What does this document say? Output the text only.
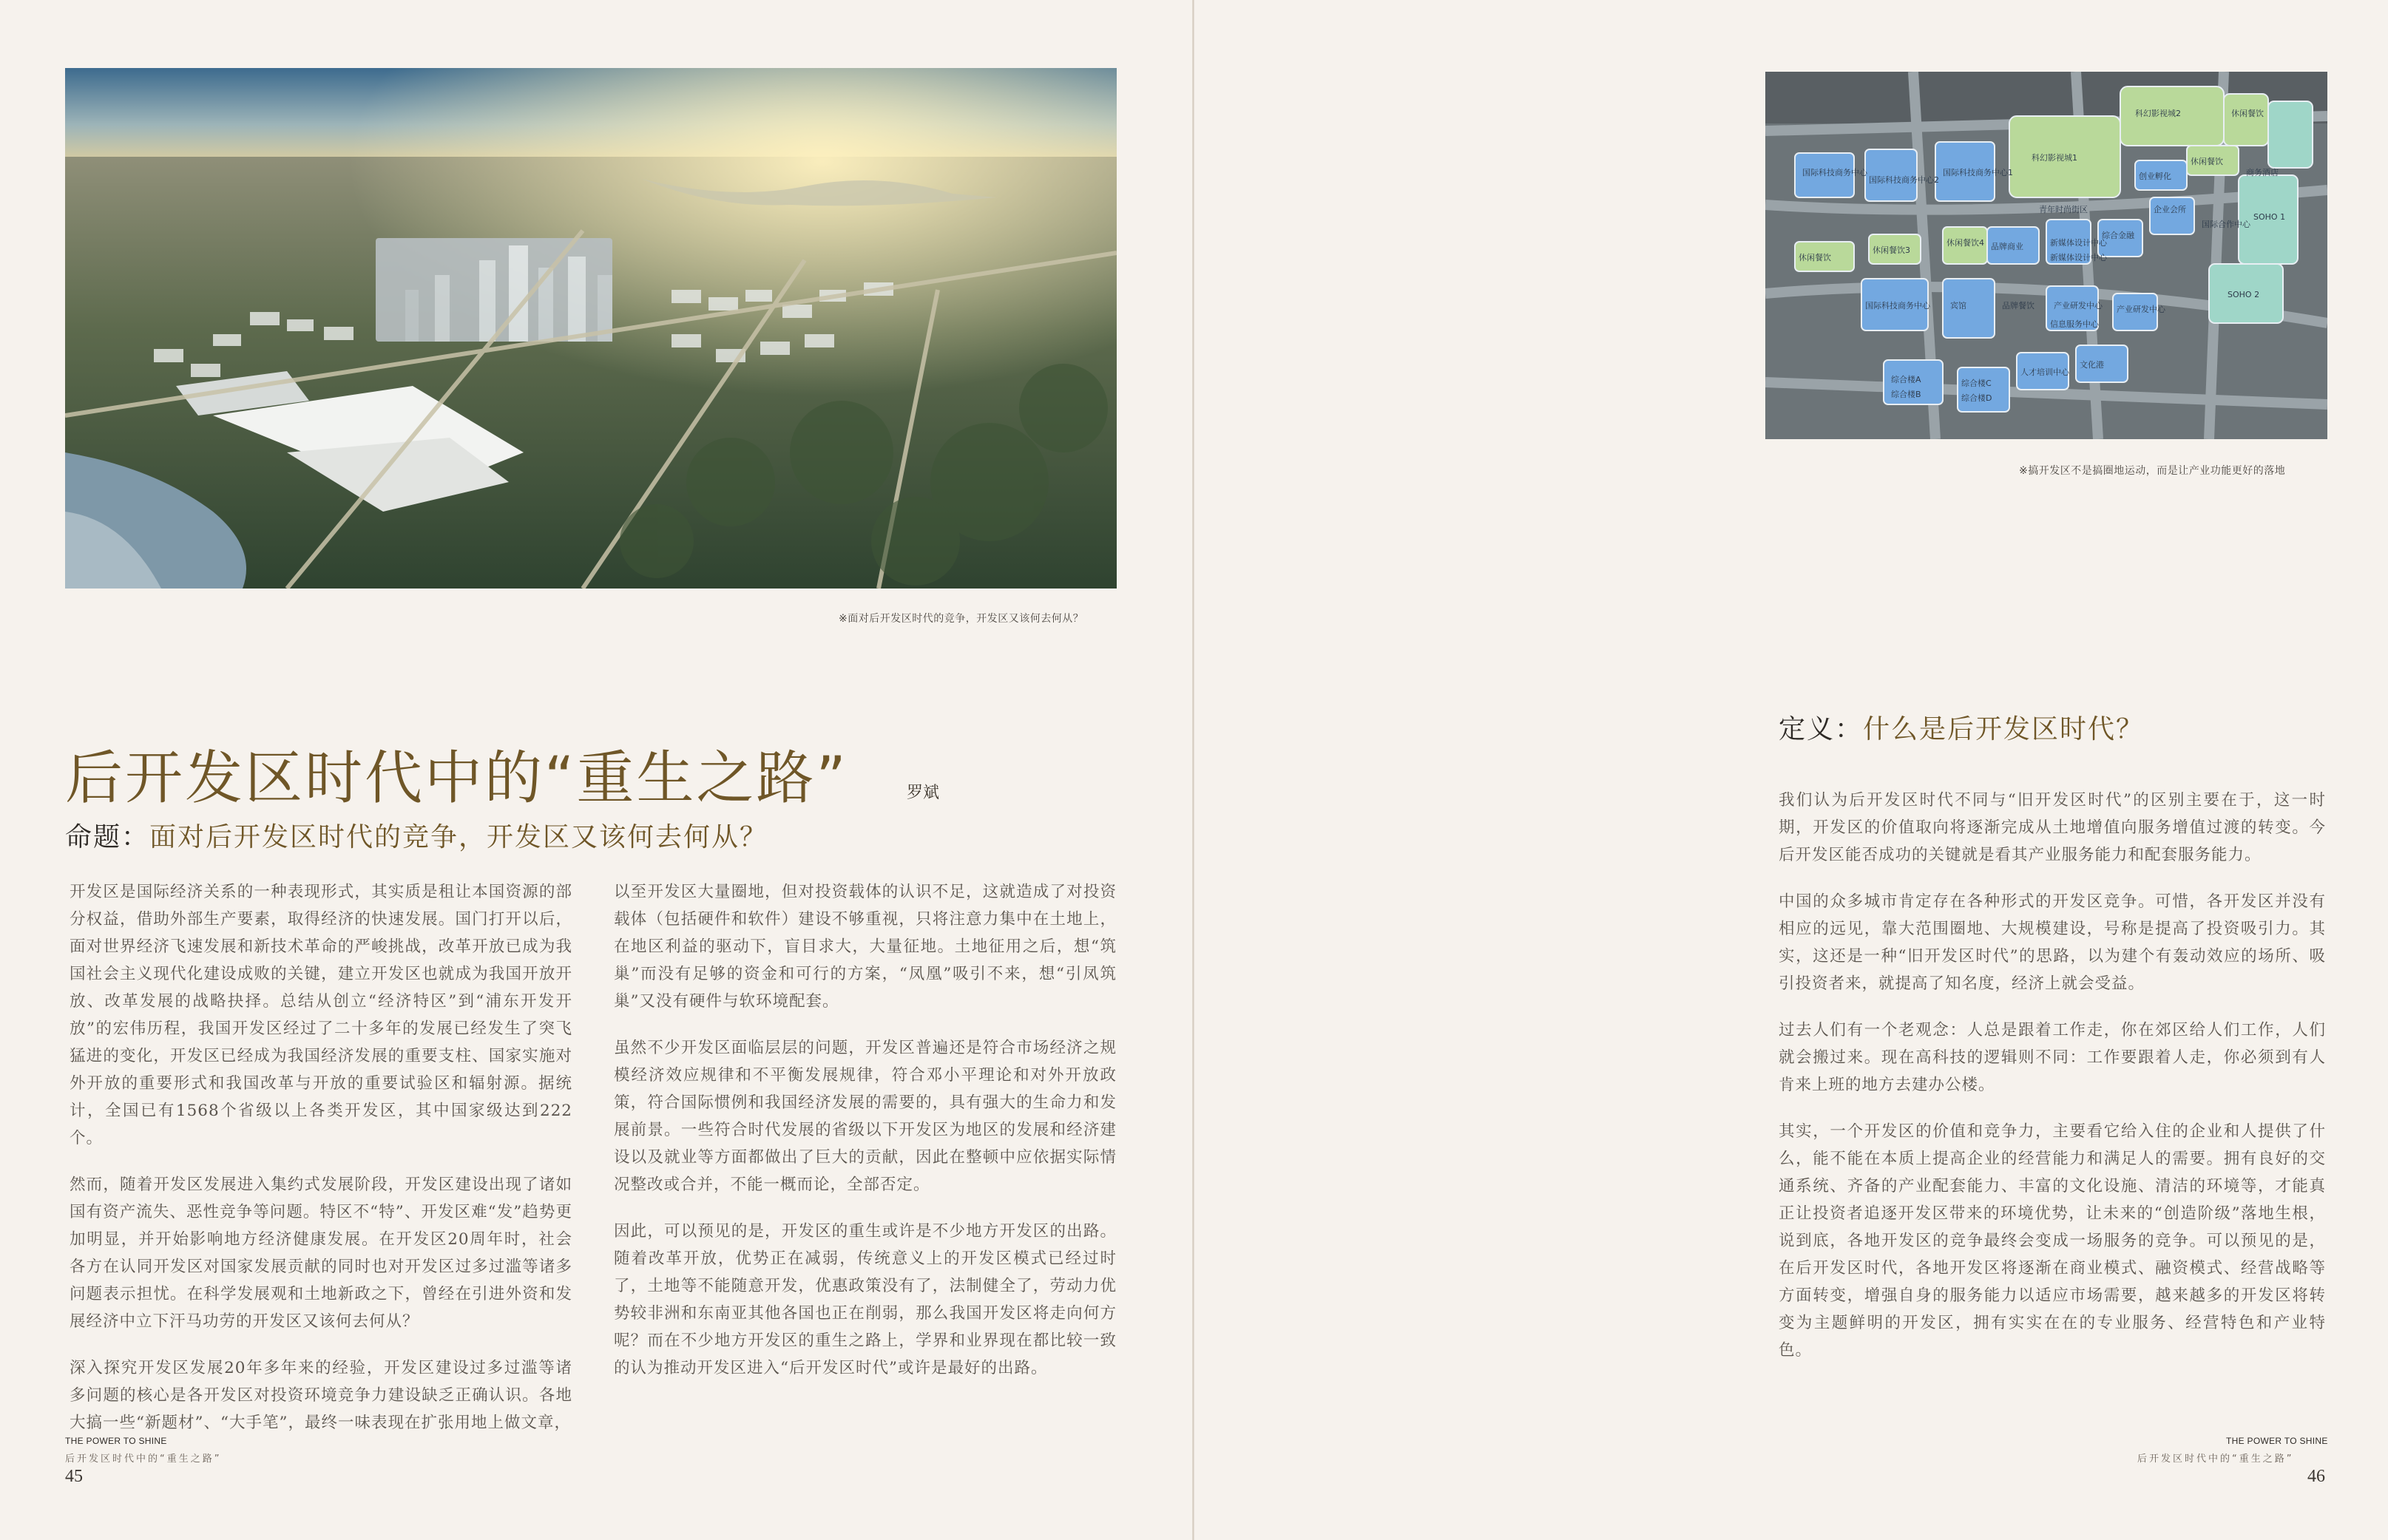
※面对后开发区时代的竞争，开发区又该何去何从？
后开发区时代中的“重生之路”	罗斌
命题：面对后开发区时代的竞争，开发区又该何去何从？

开发区是国际经济关系的一种表现形式，其实质是租让本国资源的部分权益，借助外部生产要素，取得经济的快速发展。国门打开以后，面对世界经济飞速发展和新技术革命的严峻挑战，改革开放已成为我国社会主义现代化建设成败的关键，建立开发区也就成为我国开放开放、改革发展的战略抉择。总结从创立“经济特区”到“浦东开发开放”的宏伟历程，我国开发区经过了二十多年的发展已经发生了突飞猛进的变化，开发区已经成为我国经济发展的重要支柱、国家实施对外开放的重要形式和我国改革与开放的重要试验区和辐射源。据统计，全国已有1568个省级以上各类开发区，其中国家级达到222个。

然而，随着开发区发展进入集约式发展阶段，开发区建设出现了诸如国有资产流失、恶性竞争等问题。特区不“特”、开发区难“发”趋势更加明显，并开始影响地方经济健康发展。在开发区20周年时，社会各方在认同开发区对国家发展贡献的同时也对开发区过多过滥等诸多问题表示担忧。在科学发展观和土地新政之下，曾经在引进外资和发展经济中立下汗马功劳的开发区又该何去何从？

深入探究开发区发展20年多年来的经验，开发区建设过多过滥等诸多问题的核心是各开发区对投资环境竞争力建设缺乏正确认识。各地大搞一些“新题材”、“大手笔”，最终一味表现在扩张用地上做文章，

以至开发区大量圈地，但对投资载体的认识不足，这就造成了对投资载体（包括硬件和软件）建设不够重视，只将注意力集中在土地上，在地区利益的驱动下，盲目求大，大量征地。土地征用之后，想“筑巢”而没有足够的资金和可行的方案，“凤凰”吸引不来，想“引凤筑巢”又没有硬件与软环境配套。

虽然不少开发区面临层层的问题，开发区普遍还是符合市场经济之规模经济效应规律和不平衡发展规律，符合邓小平理论和对外开放政策，符合国际惯例和我国经济发展的需要的，具有强大的生命力和发展前景。一些符合时代发展的省级以下开发区为地区的发展和经济建设以及就业等方面都做出了巨大的贡献，因此在整顿中应依据实际情况整改或合并，不能一概而论，全部否定。

因此，可以预见的是，开发区的重生或许是不少地方开发区的出路。随着改革开放，优势正在减弱，传统意义上的开发区模式已经过时了，土地等不能随意开发，优惠政策没有了，法制健全了，劳动力优势较非洲和东南亚其他各国也正在削弱，那么我国开发区将走向何方呢？而在不少地方开发区的重生之路上，学界和业界现在都比较一致的认为推动开发区进入“后开发区时代”或许是最好的出路。

THE POWER TO SHINE
后开发区时代中的“重生之路”
45
科幻影视城2	休闲餐饮
科幻影视城1
国际科技商务中心2
国际科技商务中心1	商务酒店
休闲餐饮
创业孵化
企业会所
综合金融
国际合作中心
休闲餐饮4
休闲餐饮3
休闲餐饮
青年时尚街区
品牌商业	新媒体设计中心
新媒体设计中心
产业研发中心
SOHO 1
国际科技商务中心
国际科技商务中心 宾馆	品牌餐饮 产业研发中心
SOHO 2
信息服务中心
人才培训中心
文化港
综合楼A
综合楼B
综合楼C
综合楼D
※搞开发区不是搞圈地运动，而是让产业功能更好的落地
定义：什么是后开发区时代？

我们认为后开发区时代不同与“旧开发区时代”的区别主要在于，这一时期，开发区的价值取向将逐渐完成从土地增值向服务增值过渡的转变。今后开发区能否成功的关键就是看其产业服务能力和配套服务能力。

中国的众多城市肯定存在各种形式的开发区竞争。可惜，各开发区并没有相应的远见，靠大范围圈地、大规模建设，号称是提高了投资吸引力。其实，这还是一种“旧开发区时代”的思路，以为建个有轰动效应的场所、吸引投资者来，就提高了知名度，经济上就会受益。

过去人们有一个老观念：人总是跟着工作走，你在郊区给人们工作，人们就会搬过来。现在高科技的逻辑则不同：工作要跟着人走，你必须到有人肯来上班的地方去建办公楼。

其实，一个开发区的价值和竞争力，主要看它给入住的企业和人提供了什么，能不能在本质上提高企业的经营能力和满足人的需要。拥有良好的交通系统、齐备的产业配套能力、丰富的文化设施、清洁的环境等，才能真正让投资者追逐开发区带来的环境优势，让未来的“创造阶级”落地生根，说到底，各地开发区的竞争最终会变成一场服务的竞争。可以预见的是，在后开发区时代，各地开发区将逐渐在商业模式、融资模式、经营战略等方面转变，增强自身的服务能力以适应市场需要，越来越多的开发区将转变为主题鲜明的开发区，拥有实实在在的专业服务、经营特色和产业特色。

THE POWER TO SHINE
后开发区时代中的“重生之路”
46
